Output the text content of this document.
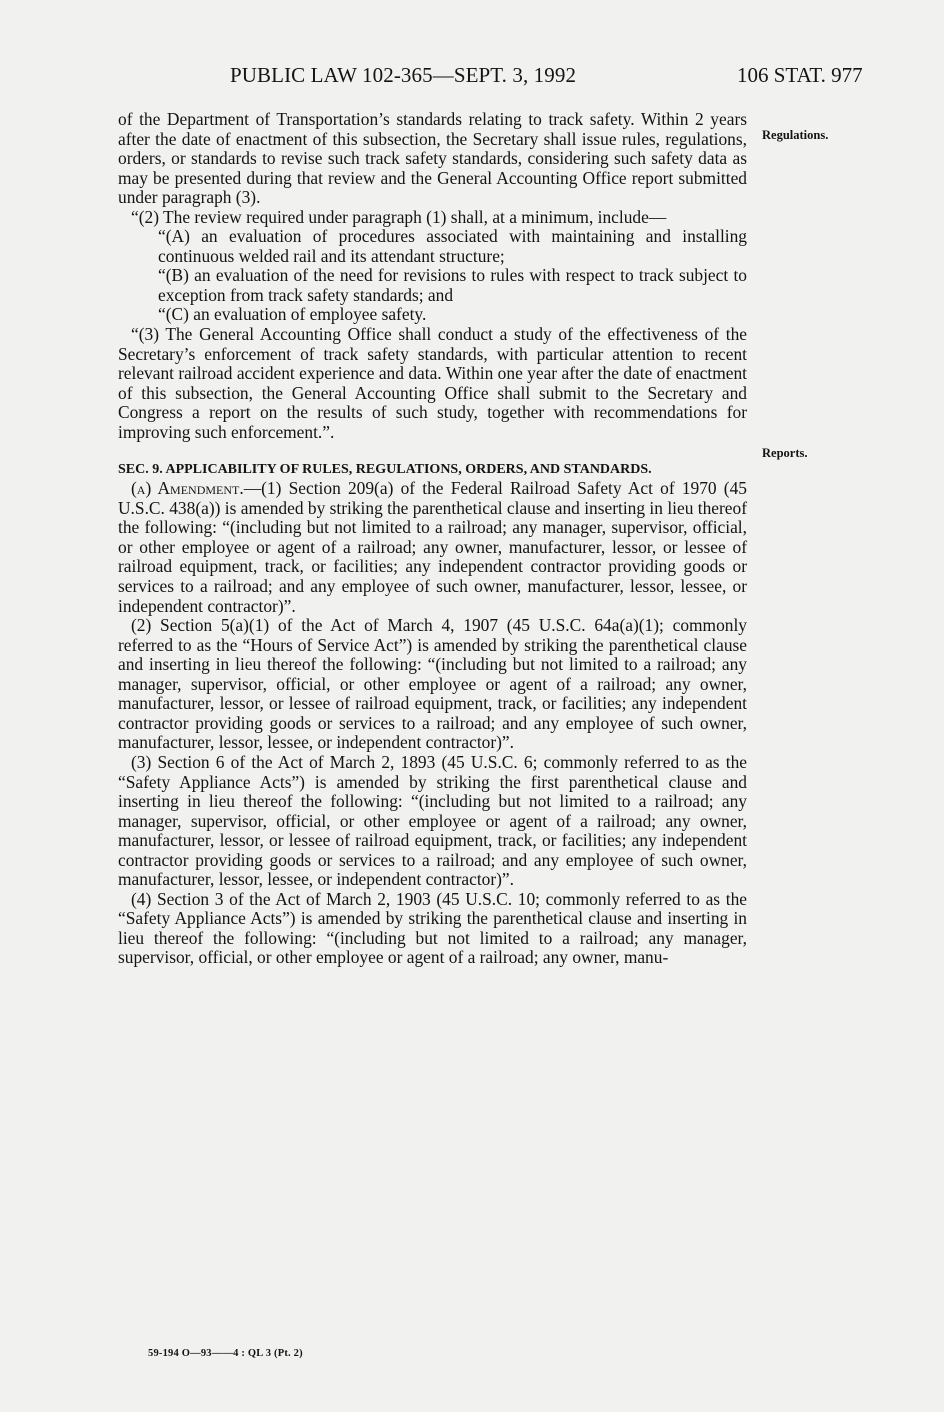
PUBLIC LAW 102-365—SEPT. 3, 1992	106 STAT. 977
Regulations.
Reports.

of the Department of Transportation’s standards relating to track safety. Within 2 years after the date of enactment of this subsection, the Secretary shall issue rules, regulations, orders, or standards to revise such track safety standards, considering such safety data as may be presented during that review and the General Accounting Office report submitted under paragraph (3).

“(2) The review required under paragraph (1) shall, at a minimum, include—

“(A) an evaluation of procedures associated with maintaining and installing continuous welded rail and its attendant structure;

“(B) an evaluation of the need for revisions to rules with respect to track subject to exception from track safety standards; and

“(C) an evaluation of employee safety.

“(3) The General Accounting Office shall conduct a study of the effectiveness of the Secretary’s enforcement of track safety standards, with particular attention to recent relevant railroad accident experience and data. Within one year after the date of enactment of this subsection, the General Accounting Office shall submit to the Secretary and Congress a report on the results of such study, together with recommendations for improving such enforcement.”.

SEC. 9. APPLICABILITY OF RULES, REGULATIONS, ORDERS, AND STANDARDS.

(a) Amendment.—(1) Section 209(a) of the Federal Railroad Safety Act of 1970 (45 U.S.C. 438(a)) is amended by striking the parenthetical clause and inserting in lieu thereof the following: “(including but not limited to a railroad; any manager, supervisor, official, or other employee or agent of a railroad; any owner, manufacturer, lessor, or lessee of railroad equipment, track, or facilities; any independent contractor providing goods or services to a railroad; and any employee of such owner, manufacturer, lessor, lessee, or independent contractor)”.

(2) Section 5(a)(1) of the Act of March 4, 1907 (45 U.S.C. 64a(a)(1); commonly referred to as the “Hours of Service Act”) is amended by striking the parenthetical clause and inserting in lieu thereof the following: “(including but not limited to a railroad; any manager, supervisor, official, or other employee or agent of a railroad; any owner, manufacturer, lessor, or lessee of railroad equipment, track, or facilities; any independent contractor providing goods or services to a railroad; and any employee of such owner, manufacturer, lessor, lessee, or independent contractor)”.

(3) Section 6 of the Act of March 2, 1893 (45 U.S.C. 6; commonly referred to as the “Safety Appliance Acts”) is amended by striking the first parenthetical clause and inserting in lieu thereof the following: “(including but not limited to a railroad; any manager, supervisor, official, or other employee or agent of a railroad; any owner, manufacturer, lessor, or lessee of railroad equipment, track, or facilities; any independent contractor providing goods or services to a railroad; and any employee of such owner, manufacturer, lessor, lessee, or independent contractor)”.

(4) Section 3 of the Act of March 2, 1903 (45 U.S.C. 10; commonly referred to as the “Safety Appliance Acts”) is amended by striking the parenthetical clause and inserting in lieu thereof the following: “(including but not limited to a railroad; any manager, supervisor, official, or other employee or agent of a railroad; any owner, manu-

59-194 O—93——4 : QL 3 (Pt. 2)
